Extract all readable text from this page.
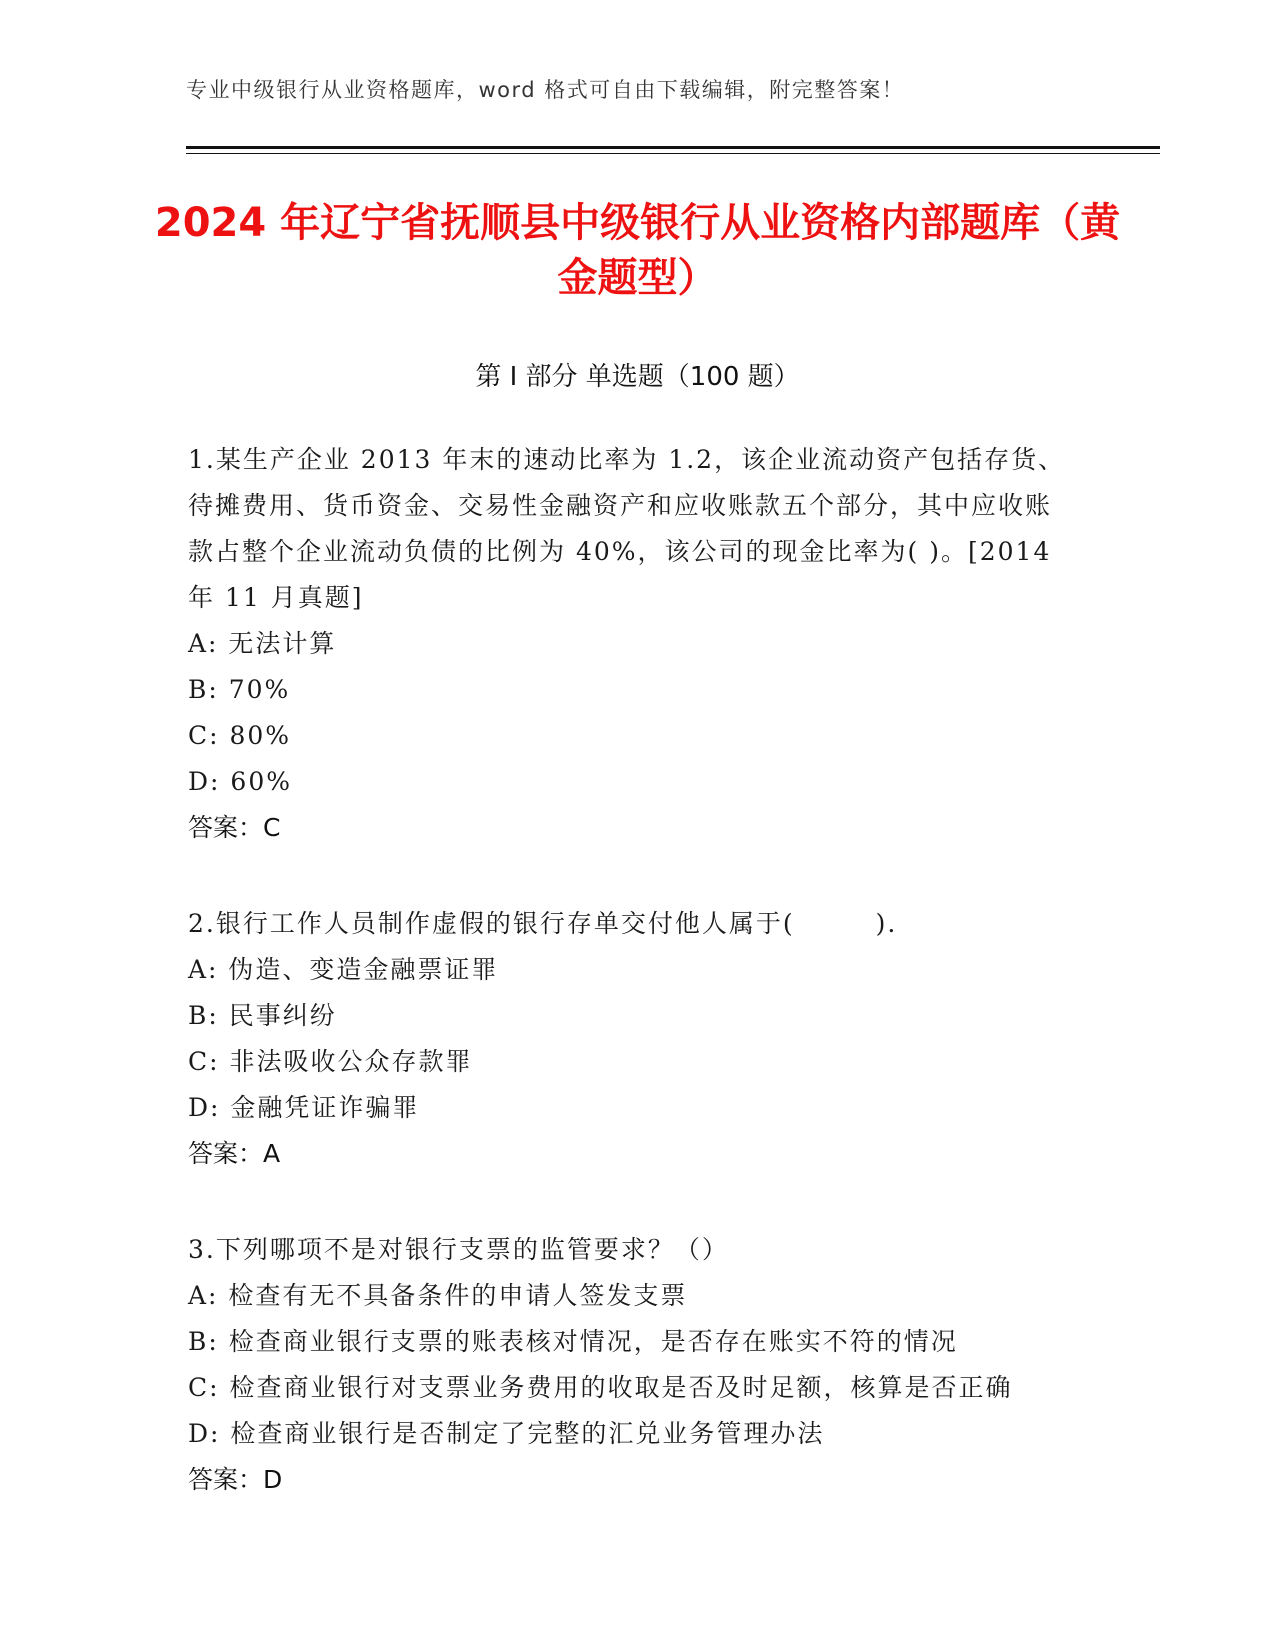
专业中级银行从业资格题库，word 格式可自由下载编辑，附完整答案！
2024 年辽宁省抚顺县中级银行从业资格内部题库（黄金题型）
第 I 部分 单选题（100 题）
1.某生产企业 2013 年末的速动比率为 1.2，该企业流动资产包括存货、待摊费用、货币资金、交易性金融资产和应收账款五个部分，其中应收账款占整个企业流动负债的比例为 40%，该公司的现金比率为( )。[2014 年 11 月真题]
A: 无法计算
B: 70%
C: 80%
D: 60%
答案：C
2.银行工作人员制作虚假的银行存单交付他人属于(　　　).
A: 伪造、变造金融票证罪
B: 民事纠纷
C: 非法吸收公众存款罪
D: 金融凭证诈骗罪
答案：A
3.下列哪项不是对银行支票的监管要求？（）
A: 检查有无不具备条件的申请人签发支票
B: 检查商业银行支票的账表核对情况，是否存在账实不符的情况
C: 检查商业银行对支票业务费用的收取是否及时足额，核算是否正确
D: 检查商业银行是否制定了完整的汇兑业务管理办法
答案：D
